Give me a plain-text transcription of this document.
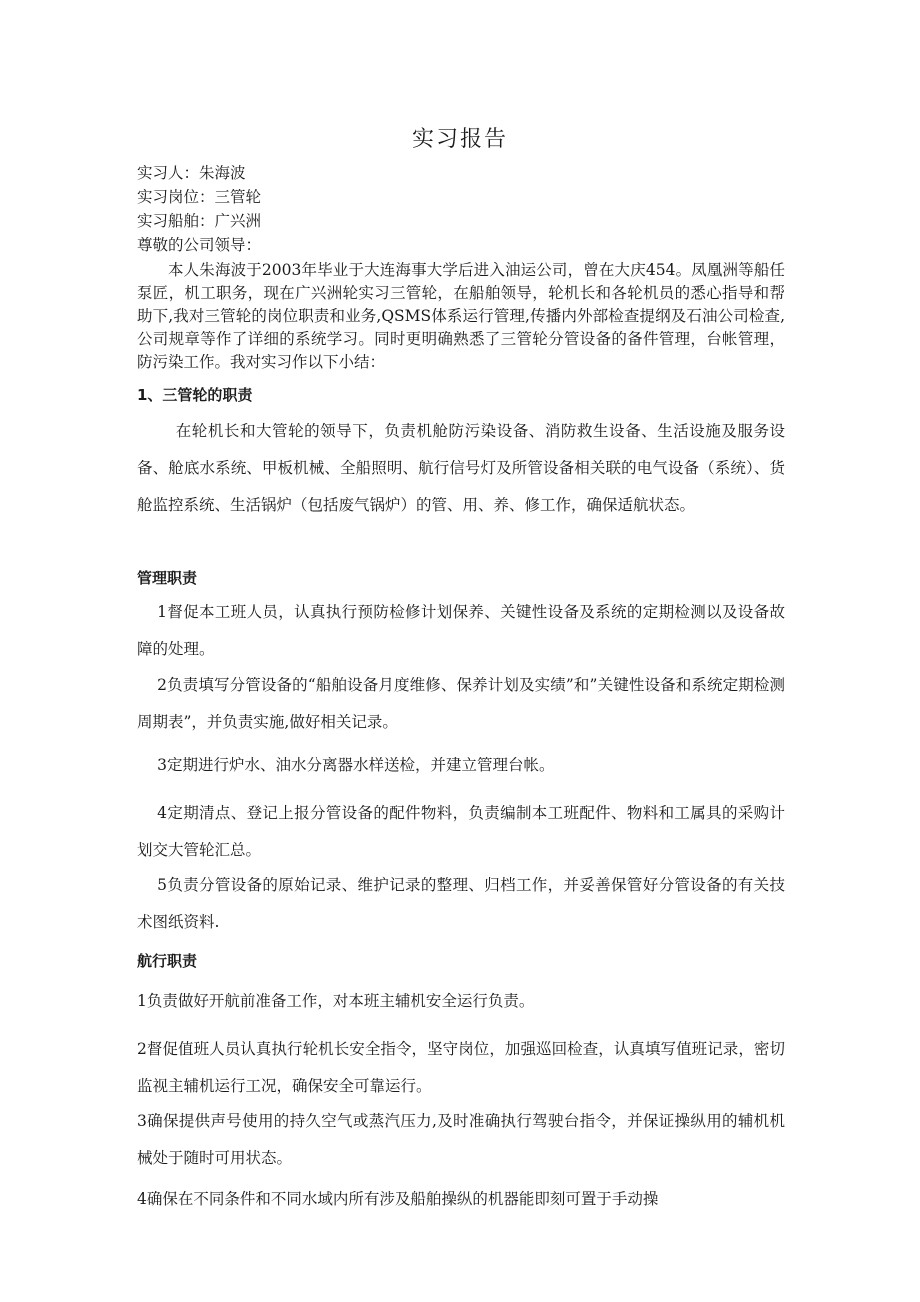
实习报告

实习人：朱海波

实习岗位：三管轮

实习船舶：广兴洲

尊敬的公司领导：

本人朱海波于2003年毕业于大连海事大学后进入油运公司，曾在大庆454。凤凰洲等船任泵匠，机工职务，现在广兴洲轮实习三管轮，在船舶领导，轮机长和各轮机员的悉心指导和帮助下,我对三管轮的岗位职责和业务,QSMS体系运行管理,传播内外部检查提纲及石油公司检查,公司规章等作了详细的系统学习。同时更明确熟悉了三管轮分管设备的备件管理，台帐管理，防污染工作。我对实习作以下小结：

1、三管轮的职责

在轮机长和大管轮的领导下，负责机舱防污染设备、消防救生设备、生活设施及服务设备、舱底水系统、甲板机械、全船照明、航行信号灯及所管设备相关联的电气设备（系统）、货舱监控系统、生活锅炉（包括废气锅炉）的管、用、养、修工作，确保适航状态。

管理职责

1督促本工班人员，认真执行预防检修计划保养、关键性设备及系统的定期检测以及设备故障的处理。

2负责填写分管设备的“船舶设备月度维修、保养计划及实绩”和”关键性设备和系统定期检测周期表”，并负责实施,做好相关记录。

3定期进行炉水、油水分离器水样送检，并建立管理台帐。

4定期清点、登记上报分管设备的配件物料，负责编制本工班配件、物料和工属具的采购计划交大管轮汇总。

5负责分管设备的原始记录、维护记录的整理、归档工作，并妥善保管好分管设备的有关技术图纸资料.

航行职责

1负责做好开航前准备工作，对本班主辅机安全运行负责。

2督促值班人员认真执行轮机长安全指令，坚守岗位，加强巡回检查，认真填写值班记录，密切监视主辅机运行工况，确保安全可靠运行。

3确保提供声号使用的持久空气或蒸汽压力,及时准确执行驾驶台指令，并保证操纵用的辅机机械处于随时可用状态。

4确保在不同条件和不同水域内所有涉及船舶操纵的机器能即刻可置于手动操
